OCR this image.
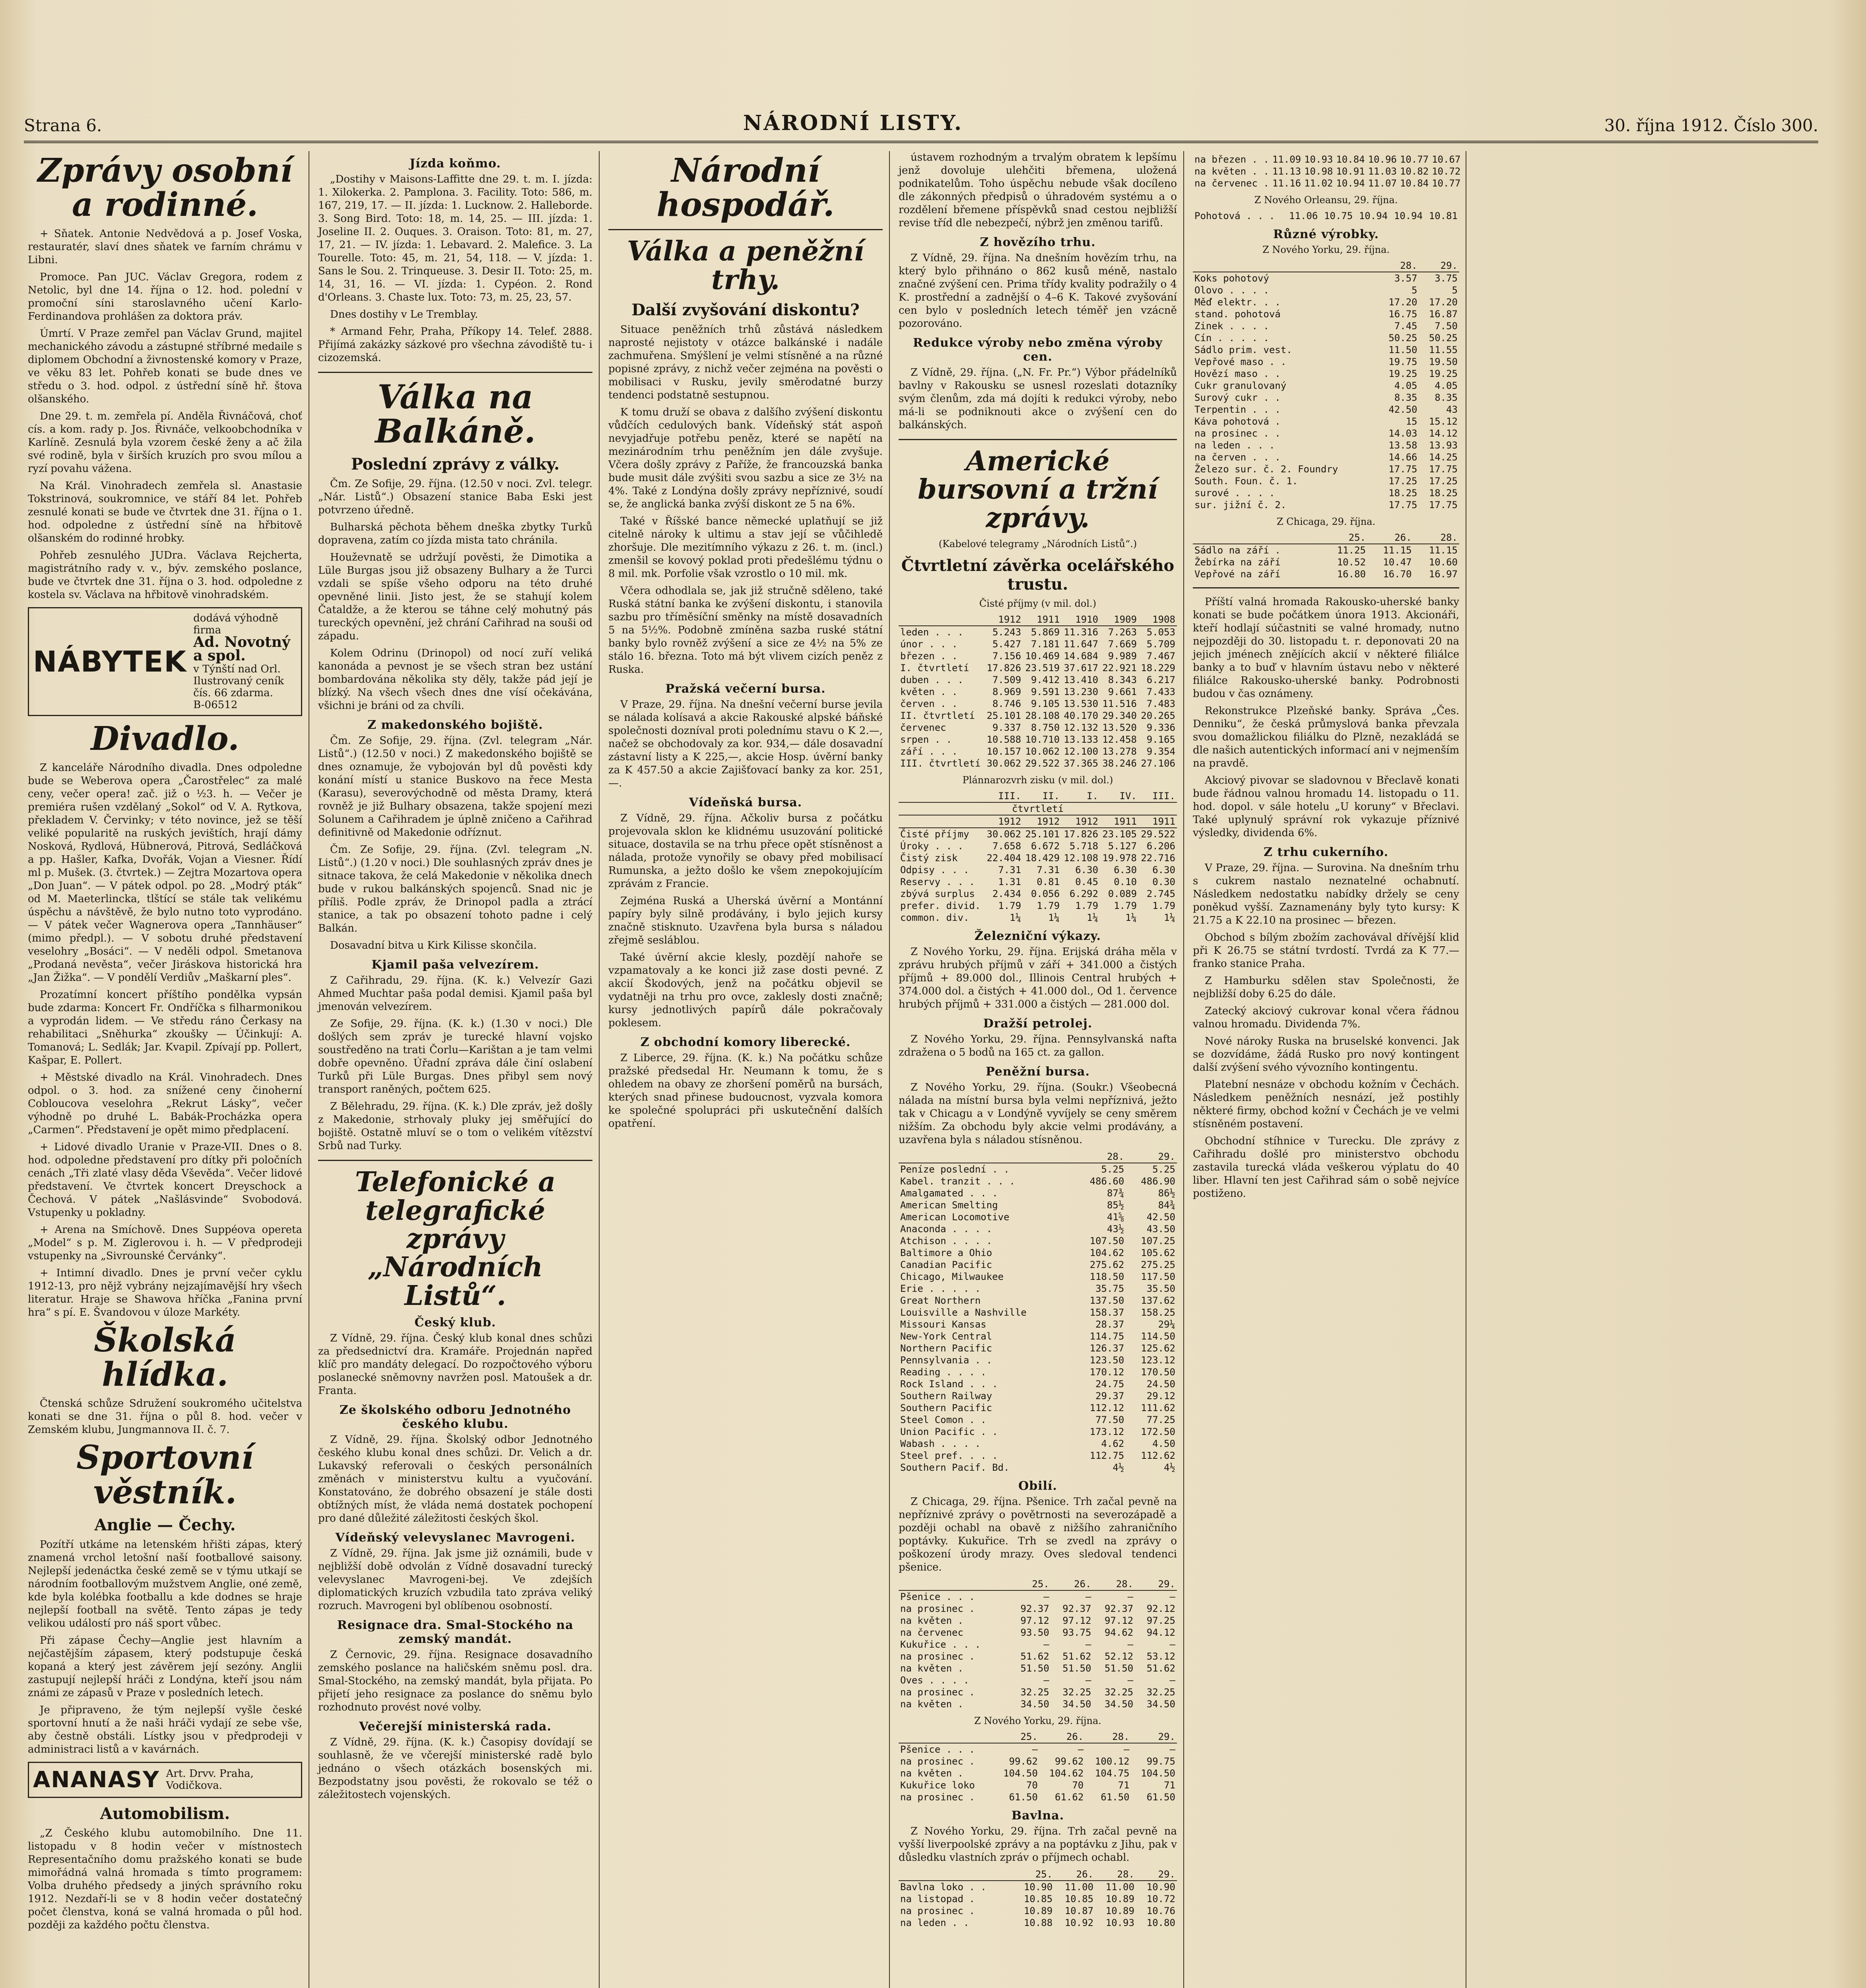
Strana 6.	NÁRODNÍ LISTY.	30. října 1912. Číslo 300.
Zprávy osobní a rodinné.

+ Sňatek. Antonie Nedvědová a p. Josef Voska, restauratér, slaví dnes sňatek ve farním chrámu v Libni.

Promoce. Pan JUC. Václav Gregora, rodem z Netolic, byl dne 14. října o 12. hod. polední v promoční síni staroslavného učení Karlo-Ferdinandova prohlášen za doktora práv.

Úmrtí. V Praze zemřel pan Václav Grund, majitel mechanického závodu a zástupné stříbrné medaile s diplomem Obchodní a živnostenské komory v Praze, ve věku 83 let. Pohřeb konati se bude dnes ve středu o 3. hod. odpol. z ústřední síně hř. štova olšanského.

Dne 29. t. m. zemřela pí. Anděla Řivnáčová, choť cís. a kom. rady p. Jos. Řivnáče, velkoobchodníka v Karlíně. Zesnulá byla vzorem české ženy a ač žila své rodině, byla v širších kruzích pro svou mílou a ryzí povahu vážena.

Na Král. Vinohradech zemřela sl. Anastasie Tokstrinová, soukromnice, ve stáří 84 let. Pohřeb zesnulé konati se bude ve čtvrtek dne 31. října o 1. hod. odpoledne z ústřední síně na hřbitově olšanském do rodinné hrobky.

Pohřeb zesnulého JUDra. Václava Rejcherta, magistrátního rady v. v., býv. zemského poslance, bude ve čtvrtek dne 31. října o 3. hod. odpoledne z kostela sv. Václava na hřbitově vinohradském.

NÁBYTEK
dodává výhodně firma
Ad. Novotný a spol.
v Týnští nad Orl.
Ilustrovaný ceník čís. 66 zdarma.
B-06512
Divadlo.

Z kanceláře Národního divadla. Dnes odpoledne bude se Weberova opera „Čarostřelec“ za malé ceny, večer opera! zač. již o ½3. h. — Večer je premiéra rušen vzdělaný „Sokol“ od V. A. Rytkova, překladem V. Červinky; v této novince, jež se těší veliké popularitě na ruských jevištích, hrají dámy Nosková, Rydlová, Hübnerová, Pitrová, Sedláčková a pp. Hašler, Kafka, Dvořák, Vojan a Viesner. Řídí ml p. Mušek. (3. čtvrtek.) — Zejtra Mozartova opera „Don Juan“. — V pátek odpol. po 28. „Modrý pták“ od M. Maeterlincka, tlštící se stále tak velikému úspěchu a návštěvě, že bylo nutno toto vyprodáno. — V pátek večer Wagnerova opera „Tannhäuser“ (mimo předpl.). — V sobotu druhé představení veselohry „Bosáci“. — V neděli odpol. Smetanova „Prodaná nevěsta“, večer Jiráskova historická hra „Jan Žižka“. — V pondělí Verdiův „Maškarní ples“.

Prozatímní koncert příštího pondělka vypsán bude zdarma: Koncert Fr. Ondříčka s filharmonikou a vyprodán lidem. — Ve středu ráno Čerkasy na rehabilitaci „Sněhurka“ zkoušky — Účinkují: A. Tomanová; L. Sedlák; Jar. Kvapil. Zpívají pp. Pollert, Kašpar, E. Pollert.

+ Městské divadlo na Král. Vinohradech. Dnes odpol. o 3. hod. za snížené ceny činoherní Cobloucova veselohra „Rekrut Lásky“, večer výhodně po druhé L. Babák-Procházka opera „Carmen“. Představení je opět mimo předplacení.

+ Lidové divadlo Uranie v Praze-VII. Dnes o 8. hod. odpoledne představení pro dítky při poločních cenách „Tři zlaté vlasy děda Vševěda“. Večer lidové představení. Ve čtvrtek koncert Dreyschock a Čechová. V pátek „Našlásvinde“ Svobodová. Vstupenky u pokladny.

+ Arena na Smíchově. Dnes Suppéova opereta „Model“ s p. M. Ziglerovou i. h. — V předprodeji vstupenky na „Sivrounské Červánky“.

+ Intimní divadlo. Dnes je první večer cyklu 1912-13, pro nějž vybrány nejzajímavější hry všech literatur. Hraje se Shawova hříčka „Fanina první hra“ s pí. E. Švandovou v úloze Markéty.

Školská hlídka.

Čtenská schůze Sdružení soukromého učitelstva konati se dne 31. října o půl 8. hod. večer v Zemském klubu, Jungmannova II. č. 7.

Sportovní věstník.
Anglie — Čechy.

Pozítří utkáme na letenském hřišti zápas, který znamená vrchol letošní naší footballové saisony. Nejlepší jedenáctka české země se v týmu utkají se národním footballovým mužstvem Anglie, oné země, kde byla kolébka footballu a kde dodnes se hraje nejlepší football na světě. Tento zápas je tedy velikou událostí pro náš sport vůbec.

Při zápase Čechy—Anglie jest hlavním a nejčastějším zápasem, který podstupuje česká kopaná a který jest závěrem její sezóny. Anglii zastupují nejlepší hráči z Londýna, kteří jsou nám známi ze zápasů v Praze v posledních letech.

Je připraveno, že tým nejlepší vyšle české sportovní hnutí a že naši hráči vydají ze sebe vše, aby čestně obstáli. Lístky jsou v předprodeji v administraci listů a v kavárnách.

ANANASY Art. Drvv. Praha, Vodičkova.
Automobilism.

„Z Českého klubu automobilního. Dne 11. listopadu v 8 hodin večer v místnostech Representačního domu pražského konati se bude mimořádná valná hromada s tímto programem: Volba druhého předsedy a jiných správního roku 1912. Nezdaří-li se v 8 hodin večer dostatečný počet členstva, koná se valná hromada o půl hod. později za každého počtu členstva.

Jízda koňmo.

„Dostihy v Maisons-Laffitte dne 29. t. m. I. jízda: 1. Xilokerka. 2. Pamplona. 3. Facility. Toto: 586, m. 167, 219, 17. — II. jízda: 1. Lucknow. 2. Halleborde. 3. Song Bird. Toto: 18, m. 14, 25. — III. jízda: 1. Joseline II. 2. Ouques. 3. Oraison. Toto: 81, m. 27, 17, 21. — IV. jízda: 1. Lebavard. 2. Malefice. 3. La Tourelle. Toto: 45, m. 21, 54, 118. — V. jízda: 1. Sans le Sou. 2. Trinqueuse. 3. Desir II. Toto: 25, m. 14, 31, 16. — VI. jízda: 1. Cypéon. 2. Rond d'Orleans. 3. Chaste lux. Toto: 73, m. 25, 23, 57.

Dnes dostihy v Le Tremblay.

* Armand Fehr, Praha, Příkopy 14. Telef. 2888. Přijímá zakázky sázkové pro všechna závodiště tu- i cizozemská.

Válka na Balkáně.
Poslední zprávy z války.

Čm. Ze Sofije, 29. října. (12.50 v noci. Zvl. telegr. „Nár. Listů“.) Obsazení stanice Baba Eski jest potvrzeno úředně.

Bulharská pěchota během dneška zbytky Turků dopravena, zatím co jízda mista tato chránila.

Houževnatě se udržují pověsti, že Dimotika a Lüle Burgas jsou již obsazeny Bulhary a že Turci vzdali se spíše všeho odporu na této druhé opevněné linii. Jisto jest, že se stahují kolem Čataldže, a že kterou se táhne celý mohutný pás tureckých opevnění, jež chrání Cařihrad na souši od západu.

Kolem Odrinu (Drinopol) od nocí zuří veliká kanonáda a pevnost je se všech stran bez ustání bombardována několika sty děly, takže pád její je blízký. Na všech všech dnes dne vísí očekávána, všichni je bráni od za chvíli.

Z makedonského bojiště.

Čm. Ze Sofije, 29. října. (Zvl. telegram „Nár. Listů“.) (12.50 v noci.) Z makedonského bojiště se dnes oznamuje, že vybojován byl dů pověsti kdy konání místí u stanice Buskovo na řece Mesta (Karasu), severovýchodně od města Dramy, která rovněž je již Bulhary obsazena, takže spojení mezi Solunem a Cařihradem je úplně zničeno a Cařihrad definitivně od Makedonie odříznut.

Čm. Ze Sofije, 29. října. (Zvl. telegram „N. Listů“.) (1.20 v noci.) Dle souhlasných zpráv dnes je sitnace takova, že celá Makedonie v několika dnech bude v rukou balkánských spojenců. Snad nic je příliš. Podle zpráv, že Drinopol padla a ztrácí stanice, a tak po obsazení tohoto padne i celý Balkán.

Dosavadní bitva u Kirk Kilisse skončila.

Kjamil paša velvezírem.

Z Cařihradu, 29. října. (K. k.) Velvezír Gazi Ahmed Muchtar paša podal demisi. Kjamil paša byl jmenován velvezírem.

Ze Sofije, 29. října. (K. k.) (1.30 v noci.) Dle došlých sem zpráv je turecké hlavní vojsko soustředěno na trati Čorlu—Karištan a je tam velmi dobře opevněno. Úřadní zpráva dále činí oslabení Turků při Lüle Burgas. Dnes přibyl sem nový transport raněných, počtem 625.

Z Bělehradu, 29. října. (K. k.) Dle zpráv, jež došly z Makedonie, strhovaly pluky jej směřující do bojiště. Ostatně mluví se o tom o velikém vítězství Srbů nad Turky.

Telefonické a telegrafické zprávy „Národních Listů“.
Český klub.

Z Vídně, 29. října. Český klub konal dnes schůzi za předsednictví dra. Kramáře. Projednán napřed klíč pro mandáty delegací. Do rozpočtového výboru poslanecké sněmovny navržen posl. Matoušek a dr. Franta.

Ze školského odboru Jednotného českého klubu.

Z Vídně, 29. října. Školský odbor Jednotného českého klubu konal dnes schůzi. Dr. Velich a dr. Lukavský referovali o českých personálních změnách v ministerstvu kultu a vyučování. Konstatováno, že dobrého obsazení je stále dosti obtížných míst, že vláda nemá dostatek pochopení pro dané důležité záležitosti českých škol.

Vídeňský velevyslanec Mavrogeni.

Z Vídně, 29. října. Jak jsme již oznámili, bude v nejbližší době odvolán z Vídně dosavadní turecký velevyslanec Mavrogeni-bej. Ve zdejších diplomatických kruzích vzbudila tato zpráva veliký rozruch. Mavrogeni byl oblíbenou osobností.

Resignace dra. Smal-Stockého na zemský mandát.

Z Černovic, 29. října. Resignace dosavadního zemského poslance na haličském sněmu posl. dra. Smal-Stockého, na zemský mandát, byla přijata. Po přijetí jeho resignace za poslance do sněmu bylo rozhodnuto provést nové volby.

Večerejší ministerská rada.

Z Vídně, 29. října. (K. k.) Časopisy dovídají se souhlasně, že ve včerejší ministerské radě bylo jednáno o všech otázkách bosenských mi. Bezpodstatny jsou pověsti, že rokovalo se též o záležitostech vojenských.

Národní hospodář.
Válka a peněžní trhy.
Další zvyšování diskontu?

Situace peněžních trhů zůstává následkem naprosté nejistoty v otázce balkánské i nadále zachmuřena. Smýšlení je velmi stísněné a na různé popisné zprávy, z nichž večer zejména na pověsti o mobilisaci v Rusku, jevily směrodatné burzy tendenci podstatně sestupnou.

K tomu druží se obava z dalšího zvýšení diskontu vůdčích cedulových bank. Vídeňský stát aspoň nevyjadřuje potřebu peněz, které se napětí na mezinárodním trhu peněžním jen dále zvyšuje. Včera došly zprávy z Paříže, že francouzská banka bude musit dále zvýšiti svou sazbu a sice ze 3½ na 4%. Také z Londýna došly zprávy nepříznivé, soudí se, že anglická banka zvýší diskont ze 5 na 6%.

Také v Říšské bance německé uplatňují se již citelně nároky k ultimu a stav její se vůčihledě zhoršuje. Dle mezitímního výkazu z 26. t. m. (incl.) zmenšil se kovový poklad proti předešlému týdnu o 8 mil. mk. Porfolie však vzrostlo o 10 mil. mk.

Včera odhodlala se, jak již stručně sděleno, také Ruská státní banka ke zvýšení diskontu, i stanovila sazbu pro tříměsíční směnky na místě dosavadních 5 na 5½%. Podobně zmíněna sazba ruské státní banky bylo rovněž zvýšení a sice ze 4½ na 5% ze stálo 16. března. Toto má být vlivem cizích peněz z Ruska.

Pražská večerní bursa.

V Praze, 29. října. Na dnešní večerní burse jevila se nálada kolísavá a akcie Rakouské alpské báňské společnosti dozníval proti polednímu stavu o K 2.—, načež se obchodovaly za kor. 934,— dále dosavadní zástavní listy a K 225,—, akcie Hosp. úvěrní banky za K 457.50 a akcie Zajišťovací banky za kor. 251,—.

Vídeňská bursa.

Z Vídně, 29. října. Ačkoliv bursa z počátku projevovala sklon ke klidnému usuzování politické situace, dostavila se na trhu přece opět stísněnost a nálada, protože vynořily se obavy před mobilisací Rumunska, a ježto došlo ke všem znepokojujícím zprávám z Francie.

Zejména Ruská a Uherská úvěrní a Montánní papíry byly silně prodávány, i bylo jejich kursy značně stisknuto. Uzavřena byla bursa s náladou zřejmě sesláblou.

Také úvěrní akcie klesly, pozdějí nahoře se vzpamatovaly a ke konci již zase dosti pevné. Z akcií Škodových, jenž na počátku objevil se vydatněji na trhu pro ovce, zaklesly dosti značně; kursy jednotlivých papírů dále pokračovaly poklesem.

Z obchodní komory liberecké.

Z Liberce, 29. října. (K. k.) Na počátku schůze pražské předsedal Hr. Neumann k tomu, že s ohledem na obavy ze zhoršení poměrů na bursách, kterých snad přinese budoucnost, vyzvala komora ke společné spolupráci při uskutečnění dalších opatření.

ústavem rozhodným a trvalým obratem k lepšímu jenž dovoluje ulehčiti břemena, uložená podnikatelům. Toho úspěchu nebude však docíleno dle zákonných předpisů o úhradovém systému a o rozdělení břemene příspěvků snad cestou nejbližší revise tříd dle nebezpečí, nýbrž jen změnou tarifů.

Z hovězího trhu.

Z Vídně, 29. října. Na dnešním hovězím trhu, na který bylo přihnáno o 862 kusů méně, nastalo značné zvýšení cen. Prima třídy kvality podražily o 4 K. prostřední a zadnější o 4–6 K. Takové zvyšování cen bylo v posledních letech téměř jen vzácně pozorováno.

Redukce výroby nebo změna výroby cen.

Z Vídně, 29. října. („N. Fr. Pr.“) Výbor přádelníků bavlny v Rakousku se usnesl rozeslati dotazníky svým členům, zda má dojíti k redukci výroby, nebo má-li se podniknouti akce o zvýšení cen do balkánských.

Americké bursovní a tržní zprávy.

(Kabelové telegramy „Národních Listů“.)

Čtvrtletní závěrka ocelářského trustu.

Čisté příjmy (v mil. dol.)

	1912	1911	1910	1909	1908
leden . . .	5.243	5.869	11.316	7.263	5.053
únor . . .	5.427	7.181	11.647	7.669	5.709
březen . .	7.156	10.469	14.684	9.989	7.467
I. čtvrtletí	17.826	23.519	37.617	22.921	18.229
duben . . .	7.509	9.412	13.410	8.343	6.217
květen . .	8.969	9.591	13.230	9.661	7.433
červen . .	8.746	9.105	13.530	11.516	7.483
II. čtvrtletí	25.101	28.108	40.170	29.340	20.265
červenec	9.337	8.750	12.132	13.520	9.336
srpen . .	10.588	10.710	13.133	12.458	9.165
září . . .	10.157	10.062	12.100	13.278	9.354
III. čtvrtletí	30.062	29.522	37.365	38.246	27.106

Plánnarozvrh zisku (v mil. dol.)

	III.	II.	I.	IV.	III.
čtvrtletí					
	1912	1912	1912	1911	1911
Čisté příjmy	30.062	25.101	17.826	23.105	29.522
Úroky . . .	7.658	6.672	5.718	5.127	6.206
Čistý zisk	22.404	18.429	12.108	19.978	22.716
Odpisy . . .	7.31	7.31	6.30	6.30	6.30
Reservy . . .	1.31	0.81	0.45	0.10	0.30
zbývá surplus	2.434	0.056	6.292	0.089	2.745
prefer. divid.	1.79	1.79	1.79	1.79	1.79
common. div.	1¼	1¼	1¼	1¼	1¼
Železniční výkazy.

Z Nového Yorku, 29. října. Erijská dráha měla v zprávu hrubých příjmů v září + 341.000 a čistých příjmů + 89.000 dol., Illinois Central hrubých + 374.000 dol. a čistých + 41.000 dol., Od 1. července hrubých příjmů + 331.000 a čistých — 281.000 dol.

Dražší petrolej.

Z Nového Yorku, 29. října. Pennsylvanská nafta zdražena o 5 bodů na 165 ct. za gallon.

Peněžní bursa.

Z Nového Yorku, 29. října. (Soukr.) Všeobecná nálada na místní bursa byla velmi nepříznivá, ježto tak v Chicagu a v Londýně vyvíjely se ceny směrem nižším. Za obchodu byly akcie velmi prodávány, a uzavřena byla s náladou stísněnou.

	28.	29.
Peníze poslední . .	5.25	5.25
Kabel. tranzit . . .	486.60	486.90
Amalgamated . . .	87¾	86½
American Smelting	85½	84¾
American Locomotive	41⅝	42.50
Anaconda . . . .	43½	43.50
Atchison . . . .	107.50	107.25
Baltimore a Ohio	104.62	105.62
Canadian Pacific	275.62	275.25
Chicago, Milwaukee	118.50	117.50
Erie . . . . .	35.75	35.50
Great Northern	137.50	137.62
Louisville a Nashville	158.37	158.25
Missouri Kansas	28.37	29¼
New-York Central	114.75	114.50
Northern Pacific	126.37	125.62
Pennsylvania . .	123.50	123.12
Reading . . . .	170.12	170.50
Rock Island . . .	24.75	24.50
Southern Railway	29.37	29.12
Southern Pacific	112.12	111.62
Steel Comon . .	77.50	77.25
Union Pacific . .	173.12	172.50
Wabash . . . .	4.62	4.50
Steel pref. . . .	112.75	112.62
Southern Pacif. Bd.	4½	4½
Obilí.

Z Chicaga, 29. října. Pšenice. Trh začal pevně na nepříznivé zprávy o povětrnosti na severozápadě a později ochabl na obavě z nižšího zahraničního poptávky. Kukuřice. Trh se zvedl na zprávy o poškození úrody mrazy. Oves sledoval tendenci pšenice.

	25.	26.	28.	29.
Pšenice . . .	—	—	—	—
na prosinec .	92.37	92.37	92.37	92.12
na květen .	97.12	97.12	97.12	97.25
na červenec	93.50	93.75	94.62	94.12
Kukuřice . . .	—	—	—	—
na prosinec .	51.62	51.62	52.12	53.12
na květen .	51.50	51.50	51.50	51.62
Oves . . . .	—	—	—	—
na prosinec .	32.25	32.25	32.25	32.25
na květen .	34.50	34.50	34.50	34.50

Z Nového Yorku, 29. října.

	25.	26.	28.	29.
Pšenice . . .	—	—	—	—
na prosinec .	99.62	99.62	100.12	99.75
na květen .	104.50	104.62	104.75	104.50
Kukuřice loko	70	70	71	71
na prosinec .	61.50	61.62	61.50	61.50
Bavlna.

Z Nového Yorku, 29. října. Trh začal pevně na vyšší liverpoolské zprávy a na poptávku z Jihu, pak v důsledku vlastních zpráv o příjmech ochabl.

	25.	26.	28.	29.
Bavlna loko . .	10.90	11.00	11.00	10.90
na listopad .	10.85	10.85	10.89	10.72
na prosinec .	10.89	10.87	10.89	10.76
na leden . .	10.88	10.92	10.93	10.80
na březen . .	11.09	10.93	10.84	10.96	10.77	10.67
na květen . .	11.13	10.98	10.91	11.03	10.82	10.72
na červenec .	11.16	11.02	10.94	11.07	10.84	10.77

Z Nového Orleansu, 29. října.

Pohotová . . .	11.06	10.75	10.94	10.94	10.81
Různé výrobky.

Z Nového Yorku, 29. října.

	28.	29.
Koks pohotový	3.57	3.75
Olovo . . . .	5	5
Měď elektr. . .	17.20	17.20
stand. pohotová	16.75	16.87
Zinek . . . .	7.45	7.50
Cín . . . . .	50.25	50.25
Sádlo prim. vest.	11.50	11.55
Vepřové maso . .	19.75	19.50
Hovězí maso . .	19.25	19.25
Cukr granulovaný	4.05	4.05
Surový cukr . .	8.35	8.35
Terpentin . . .	42.50	43
Káva pohotová .	15	15.12
na prosinec . .	14.03	14.12
na leden . . .	13.58	13.93
na červen . . .	14.66	14.25
Železo sur. č. 2. Foundry	17.75	17.75
South. Foun. č. 1.	17.25	17.25
surové . . . .	18.25	18.25
sur. jižní č. 2.	17.75	17.75

Z Chicaga, 29. října.

	25.	26.	28.
Sádlo na září .	11.25	11.15	11.15
Žebírka na září	10.52	10.47	10.60
Vepřové na září	16.80	16.70	16.97

Příští valná hromada Rakousko-uherské banky konati se bude počátkem února 1913. Akcionáři, kteří hodlají súčastniti se valné hromady, nutno nejpozději do 30. listopadu t. r. deponovati 20 na jejich jménech znějících akcií v některé filiálce banky a to buď v hlavním ústavu nebo v některé filiálce Rakousko-uherské banky. Podrobnosti budou v čas oznámeny.

Rekonstrukce Plzeňské banky. Správa „Čes. Denniku“, že česká průmyslová banka převzala svou domažlickou filiálku do Plzně, nezakládá se dle našich autentických informací ani v nejmenším na pravdě.

Akciový pivovar se sladovnou v Břeclavě konati bude řádnou valnou hromadu 14. listopadu o 11. hod. dopol. v sále hotelu „U koruny“ v Břeclavi. Také uplynulý správní rok vykazuje příznivé výsledky, dividenda 6%.

Z trhu cukerního.

V Praze, 29. října. — Surovina. Na dnešním trhu s cukrem nastalo neznatelné ochabnutí. Následkem nedostatku nabídky držely se ceny poněkud vyšší. Zaznamenány byly tyto kursy: K 21.75 a K 22.10 na prosinec — březen.

Obchod s bílým zbožím zachovával dřívější klid při K 26.75 se státní tvrdostí. Tvrdá za K 77.— franko stanice Praha.

Z Hamburku sdělen stav Společnosti, že nejbližší doby 6.25 do dále.

Zatecký akciový cukrovar konal včera řádnou valnou hromadu. Dividenda 7%.

Nové nároky Ruska na bruselské konvenci. Jak se dozvídáme, žádá Rusko pro nový kontingent další zvýšení svého vývozního kontingentu.

Platební nesnáze v obchodu kožním v Čechách. Následkem peněžních nesnází, jež postihly některé firmy, obchod kožní v Čechách je ve velmi stísněném postavení.

Obchodní stíhnice v Turecku. Dle zprávy z Cařihradu došlé pro ministerstvo obchodu zastavila turecká vláda veškerou výplatu do 40 liber. Hlavní ten jest Cařihrad sám o sobě nejvíce postiženo.
